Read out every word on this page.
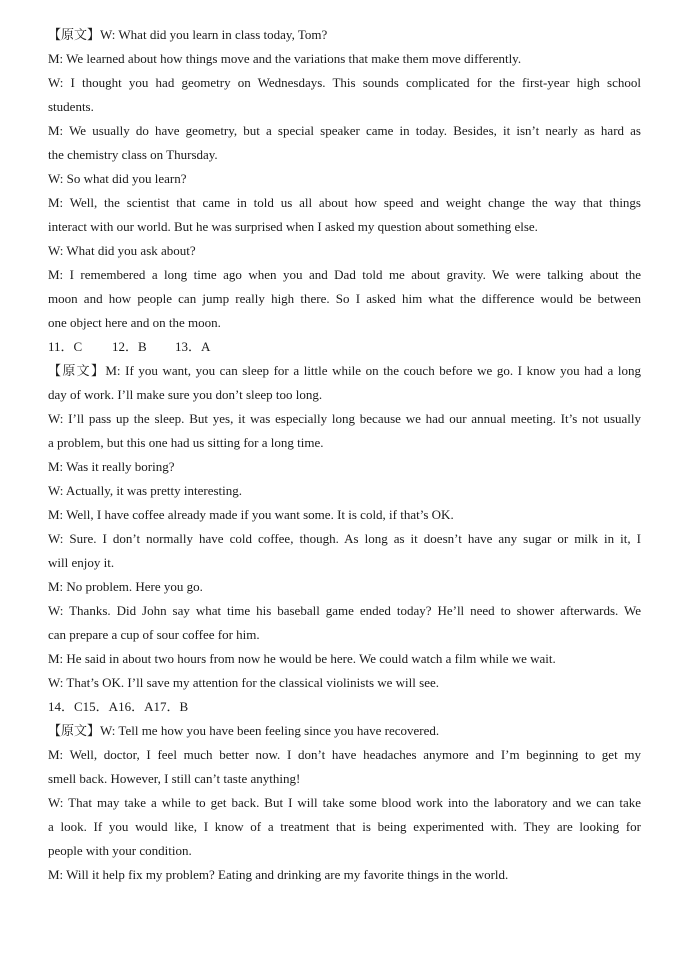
【原文】W: What did you learn in class today, Tom?
M: We learned about how things move and the variations that make them move differently.
W: I thought you had geometry on Wednesdays. This sounds complicated for the first-year high school
students.
M: We usually do have geometry, but a special speaker came in today. Besides, it isn’t nearly as hard as
the chemistry class on Thursday.
W: So what did you learn?
M: Well, the scientist that came in told us all about how speed and weight change the way that things
interact with our world. But he was surprised when I asked my question about something else.
W: What did you ask about?
M: I remembered a long time ago when you and Dad told me about gravity. We were talking about the
moon and how people can jump really high there. So I asked him what the difference would be between
one object here and on the moon.
11．C 12．B 13．A
【原文】M: If you want, you can sleep for a little while on the couch before we go. I know you had a long
day of work. I’ll make sure you don’t sleep too long.
W: I’ll pass up the sleep. But yes, it was especially long because we had our annual meeting. It’s not usually
a problem, but this one had us sitting for a long time.
M: Was it really boring?
W: Actually, it was pretty interesting.
M: Well, I have coffee already made if you want some. It is cold, if that’s OK.
W: Sure. I don’t normally have cold coffee, though. As long as it doesn’t have any sugar or milk in it, I
will enjoy it.
M: No problem. Here you go.
W: Thanks. Did John say what time his baseball game ended today? He’ll need to shower afterwards. We
can prepare a cup of sour coffee for him.
M: He said in about two hours from now he would be here. We could watch a film while we wait.
W: That’s OK. I’ll save my attention for the classical violinists we will see.
14．C15．A16．A17．B
【原文】W: Tell me how you have been feeling since you have recovered.
M: Well, doctor, I feel much better now. I don’t have headaches anymore and I’m beginning to get my
smell back. However, I still can’t taste anything!
W: That may take a while to get back. But I will take some blood work into the laboratory and we can take
a look. If you would like, I know of a treatment that is being experimented with. They are looking for
people with your condition.
M: Will it help fix my problem? Eating and drinking are my favorite things in the world.
